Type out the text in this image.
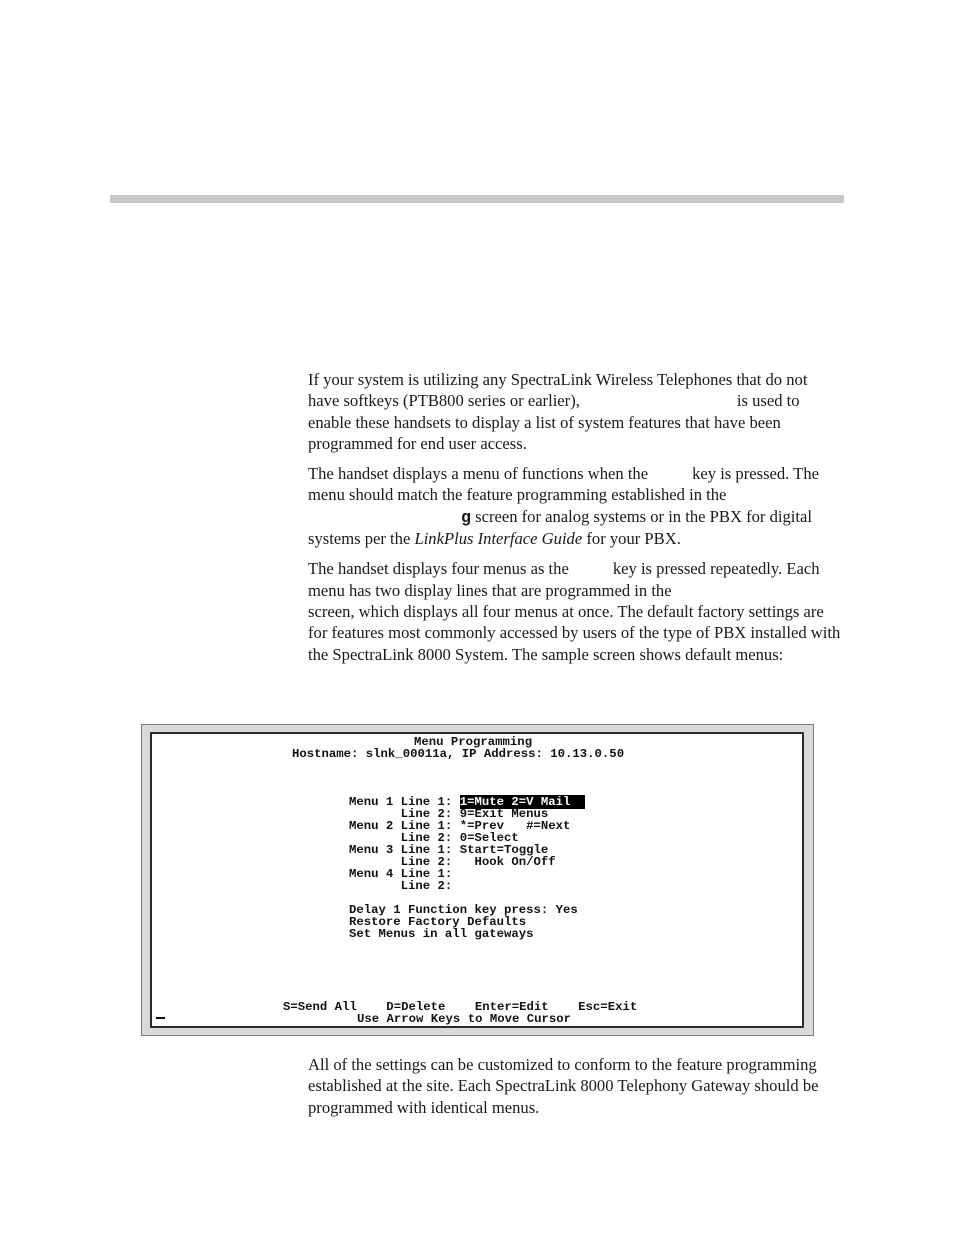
If your system is utilizing any SpectraLink Wireless Telephones that do not have softkeys (PTB800 series or earlier),	is used to enable these handsets to display a list of system features that have been programmed for end user access.

The handset displays a menu of functions when the	key is pressed. The menu should match the feature programming established in theg screen for analog systems or in the PBX for digital systems per the LinkPlus Interface Guide for your PBX.

The handset displays four menus as the	key is pressed repeatedly. Each menu has two display lines that are programmed in thescreen, which displays all four menus at once. The default factory settings are for features most commonly accessed by users of the type of PBX installed with the SpectraLink 8000 System. The sample screen shows default menus:

Menu Programming
Hostname: slnk_00011a, IP Address: 10.13.0.50
Menu 1 Line 1: 1=Mute 2=V Mail
Line 2: 9=Exit Menus
Menu 2 Line 1: *=Prev   #=Next
Line 2: 0=Select
Menu 3 Line 1: Start=Toggle
Line 2:   Hook On/Off
Menu 4 Line 1:
Line 2:
Delay 1 Function key press: Yes
Restore Factory Defaults
Set Menus in all gateways
S=Send All    D=Delete    Enter=Edit    Esc=Exit
Use Arrow Keys to Move Cursor

All of the settings can be customized to conform to the feature programming established at the site. Each SpectraLink 8000 Telephony Gateway should be programmed with identical menus.
